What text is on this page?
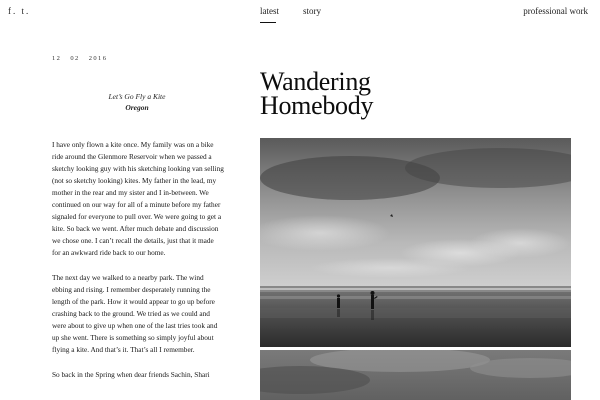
f. t.	latest	story	professional work
12   02   2016
Let’s Go Fly a Kite
Oregon

I have only flown a kite once. My family was on a bike ride around the Glenmore Reservoir when we passed a sketchy looking guy with his sketching looking van selling (not so sketchy looking) kites. My father in the lead, my mother in the rear and my sister and I in-between. We continued on our way for all of a minute before my father signaled for everyone to pull over. We were going to get a kite. So back we went. After much debate and discussion we chose one. I can’t recall the details, just that it made for an awkward ride back to our home.

The next day we walked to a nearby park. The wind ebbing and rising. I remember desperately running the length of the park. How it would appear to go up before crashing back to the ground. We tried as we could and were about to give up when one of the last tries took and up she went. There is something so simply joyful about flying a kite. And that’s it. That’s all I remember.

So back in the Spring when dear friends Sachin, Shari

Wandering
Homebody
